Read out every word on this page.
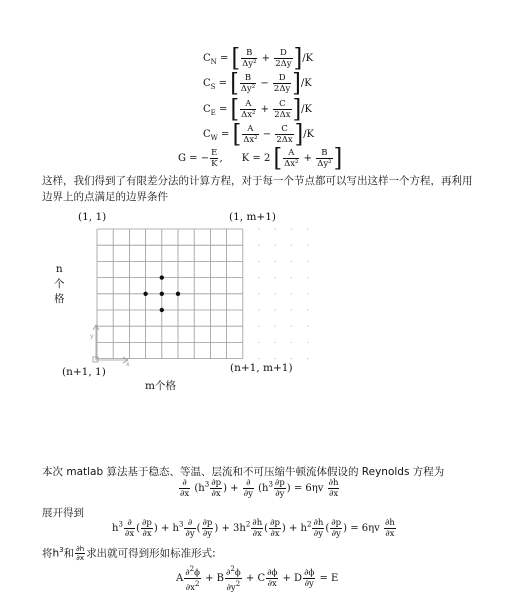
$C_N$ = [ $\frac{B}{\text{Δy²}} + \frac{D}{2\Delta y} ]/K$
$C_S$ = [ $\frac{B}{\text{Δy²}} - \frac{D}{2\Delta y} ]/K$
$C_E$ = [ $\frac{A}{\text{Δx²}} + \frac{C}{2\Delta x} ]/K$
$C_W$ = [ $\frac{A}{\text{Δx²}} - \frac{C}{2\Delta x} ]/K$
G = − $\frac{E}{K}$ , K = 2 [ $\frac{A}{\text{Δx²}} + \frac{B}{\text{Δy²}}$ ]
这样，我们得到了有限差分法的计算方程，对于每一个节点都可以写出这样一个方程，再利用边界上的点满足的边界条件
(1, 1)	(1, m+1)
(n+1, 1)	(n+1, m+1)
n
个
格
m个格
y
x
本次 matlab 算法基于稳态、等温、层流和不可压缩牛顿流体假设的 Reynolds 方程为
$\frac{\partial}{\partial x} (h^3 \frac{\partial p}{\partial x}$ ) + $\frac{\partial}{\partial y} (h^3 \frac{\partial p}{\partial y}$ ) = $6\eta v \frac{\partial h}{\partial x}$
展开得到
$h^3 \frac{\partial}{\partial x}$ ( $\frac{\partial p}{\partial x}$ ) + $h^3 \frac{\partial}{\partial y}$ ( $\frac{\partial p}{\partial y}$ ) + $3h^2 \frac{\partial h}{\partial x}$ ( $\frac{\partial p}{\partial x}$ ) + $h^2 \frac{\partial h}{\partial y}$ ( $\frac{\partial p}{\partial y}$ ) = $6\eta v \frac{\partial h}{\partial x}$
将$h^3$和 $\frac{\partial h}{\partial x}$ 求出就可得到形如标准形式:
A $\frac{\partial^2\phi}{\partial x^2} + B \frac{\partial^2\phi}{\partial y^2} + C \frac{\partial\phi}{\partial x} + D \frac{\partial\phi}{\partial y} = E$
